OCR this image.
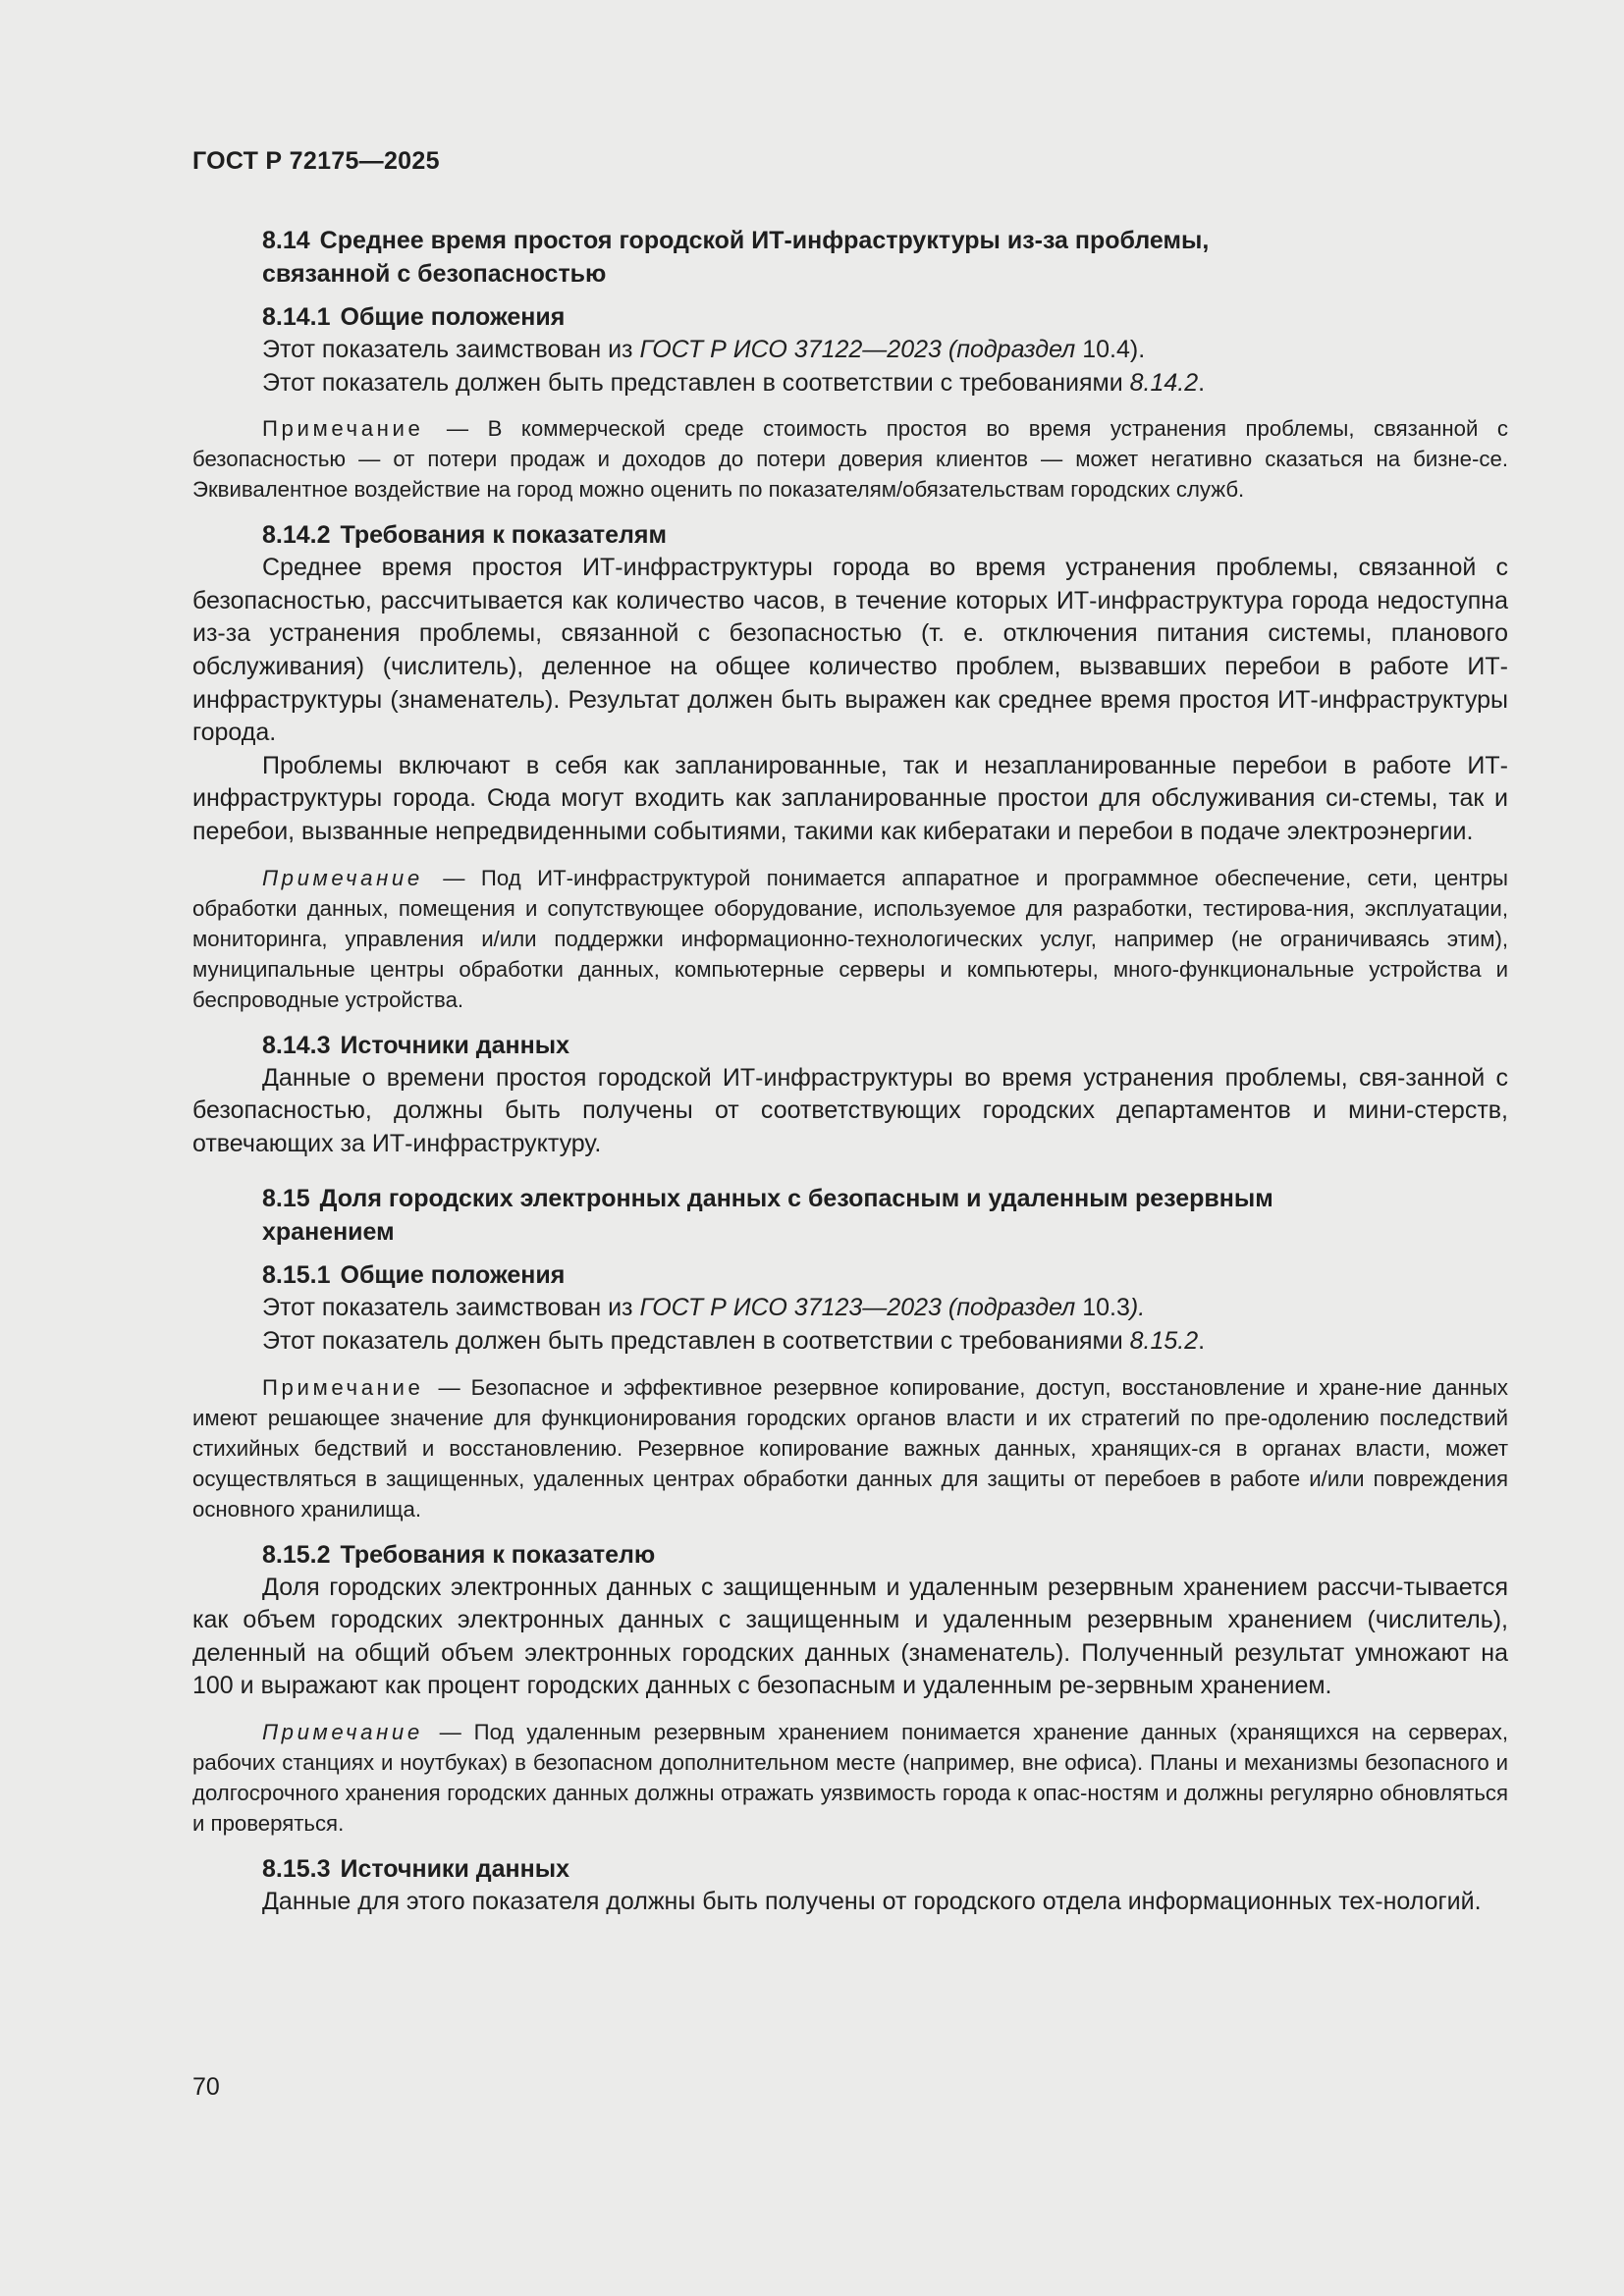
ГОСТ Р 72175—2025
8.14 Среднее время простоя городской ИТ-инфраструктуры из-за проблемы,
связанной с безопасностью
8.14.1 Общие положения

Этот показатель заимствован из ГОСТ Р ИСО 37122—2023 (подраздел 10.4).

Этот показатель должен быть представлен в соответствии с требованиями 8.14.2.

Примечание — В коммерческой среде стоимость простоя во время устранения проблемы, связанной с безопасностью — от потери продаж и доходов до потери доверия клиентов — может негативно сказаться на бизне-се. Эквивалентное воздействие на город можно оценить по показателям/обязательствам городских служб.

8.14.2 Требования к показателям

Среднее время простоя ИТ-инфраструктуры города во время устранения проблемы, связанной с безопасностью, рассчитывается как количество часов, в течение которых ИТ-инфраструктура города недоступна из-за устранения проблемы, связанной с безопасностью (т. е. отключения питания системы, планового обслуживания) (числитель), деленное на общее количество проблем, вызвавших перебои в работе ИТ-инфраструктуры (знаменатель). Результат должен быть выражен как среднее время простоя ИТ-инфраструктуры города.

Проблемы включают в себя как запланированные, так и незапланированные перебои в работе ИТ-инфраструктуры города. Сюда могут входить как запланированные простои для обслуживания си-стемы, так и перебои, вызванные непредвиденными событиями, такими как кибератаки и перебои в подаче электроэнергии.

Примечание — Под ИТ-инфраструктурой понимается аппаратное и программное обеспечение, сети, центры обработки данных, помещения и сопутствующее оборудование, используемое для разработки, тестирова-ния, эксплуатации, мониторинга, управления и/или поддержки информационно-технологических услуг, например (не ограничиваясь этим), муниципальные центры обработки данных, компьютерные серверы и компьютеры, много-функциональные устройства и беспроводные устройства.

8.14.3 Источники данных

Данные о времени простоя городской ИТ-инфраструктуры во время устранения проблемы, свя-занной с безопасностью, должны быть получены от соответствующих городских департаментов и мини-стерств, отвечающих за ИТ-инфраструктуру.

8.15 Доля городских электронных данных с безопасным и удаленным резервным
хранением
8.15.1 Общие положения

Этот показатель заимствован из ГОСТ Р ИСО 37123—2023 (подраздел 10.3).

Этот показатель должен быть представлен в соответствии с требованиями 8.15.2.

Примечание — Безопасное и эффективное резервное копирование, доступ, восстановление и хране-ние данных имеют решающее значение для функционирования городских органов власти и их стратегий по пре-одолению последствий стихийных бедствий и восстановлению. Резервное копирование важных данных, хранящих-ся в органах власти, может осуществляться в защищенных, удаленных центрах обработки данных для защиты от перебоев в работе и/или повреждения основного хранилища.

8.15.2 Требования к показателю

Доля городских электронных данных с защищенным и удаленным резервным хранением рассчи-тывается как объем городских электронных данных с защищенным и удаленным резервным хранением (числитель), деленный на общий объем электронных городских данных (знаменатель). Полученный результат умножают на 100 и выражают как процент городских данных с безопасным и удаленным ре-зервным хранением.

Примечание — Под удаленным резервным хранением понимается хранение данных (хранящихся на серверах, рабочих станциях и ноутбуках) в безопасном дополнительном месте (например, вне офиса). Планы и механизмы безопасного и долгосрочного хранения городских данных должны отражать уязвимость города к опас-ностям и должны регулярно обновляться и проверяться.

8.15.3 Источники данных

Данные для этого показателя должны быть получены от городского отдела информационных тех-нологий.

70
